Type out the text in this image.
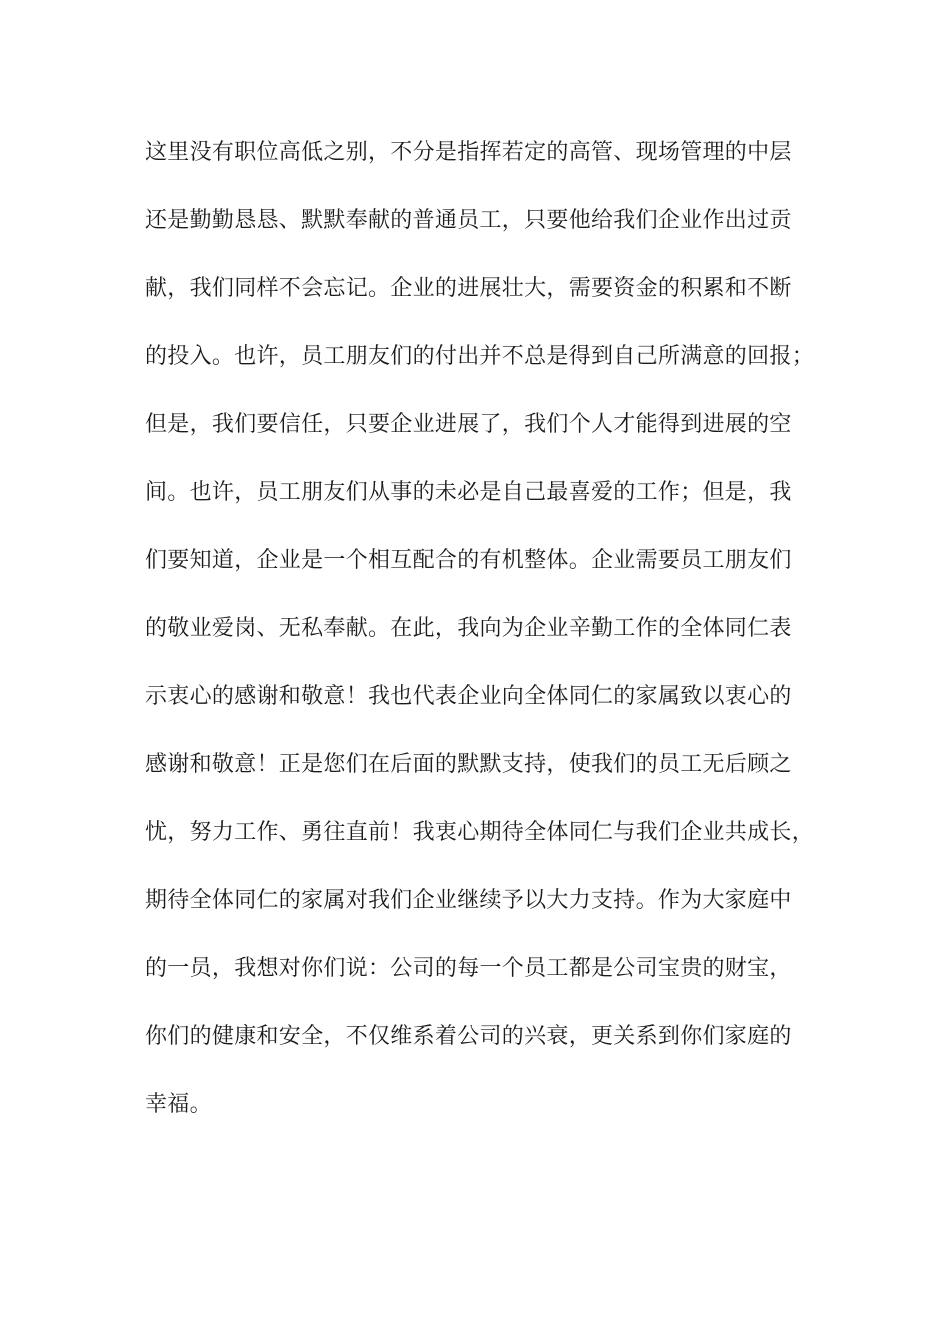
这里没有职位高低之别，不分是指挥若定的高管、现场管理的中层
还是勤勤恳恳、默默奉献的普通员工，只要他给我们企业作出过贡
献，我们同样不会忘记。企业的进展壮大，需要资金的积累和不断
的投入。也许，员工朋友们的付出并不总是得到自己所满意的回报；
但是，我们要信任，只要企业进展了，我们个人才能得到进展的空
间。也许，员工朋友们从事的未必是自己最喜爱的工作；但是，我
们要知道，企业是一个相互配合的有机整体。企业需要员工朋友们
的敬业爱岗、无私奉献。在此，我向为企业辛勤工作的全体同仁表
示衷心的感谢和敬意！我也代表企业向全体同仁的家属致以衷心的
感谢和敬意！正是您们在后面的默默支持，使我们的员工无后顾之
忧，努力工作、勇往直前！我衷心期待全体同仁与我们企业共成长，
期待全体同仁的家属对我们企业继续予以大力支持。作为大家庭中
的一员，我想对你们说：公司的每一个员工都是公司宝贵的财宝，
你们的健康和安全，不仅维系着公司的兴衰，更关系到你们家庭的
幸福。
